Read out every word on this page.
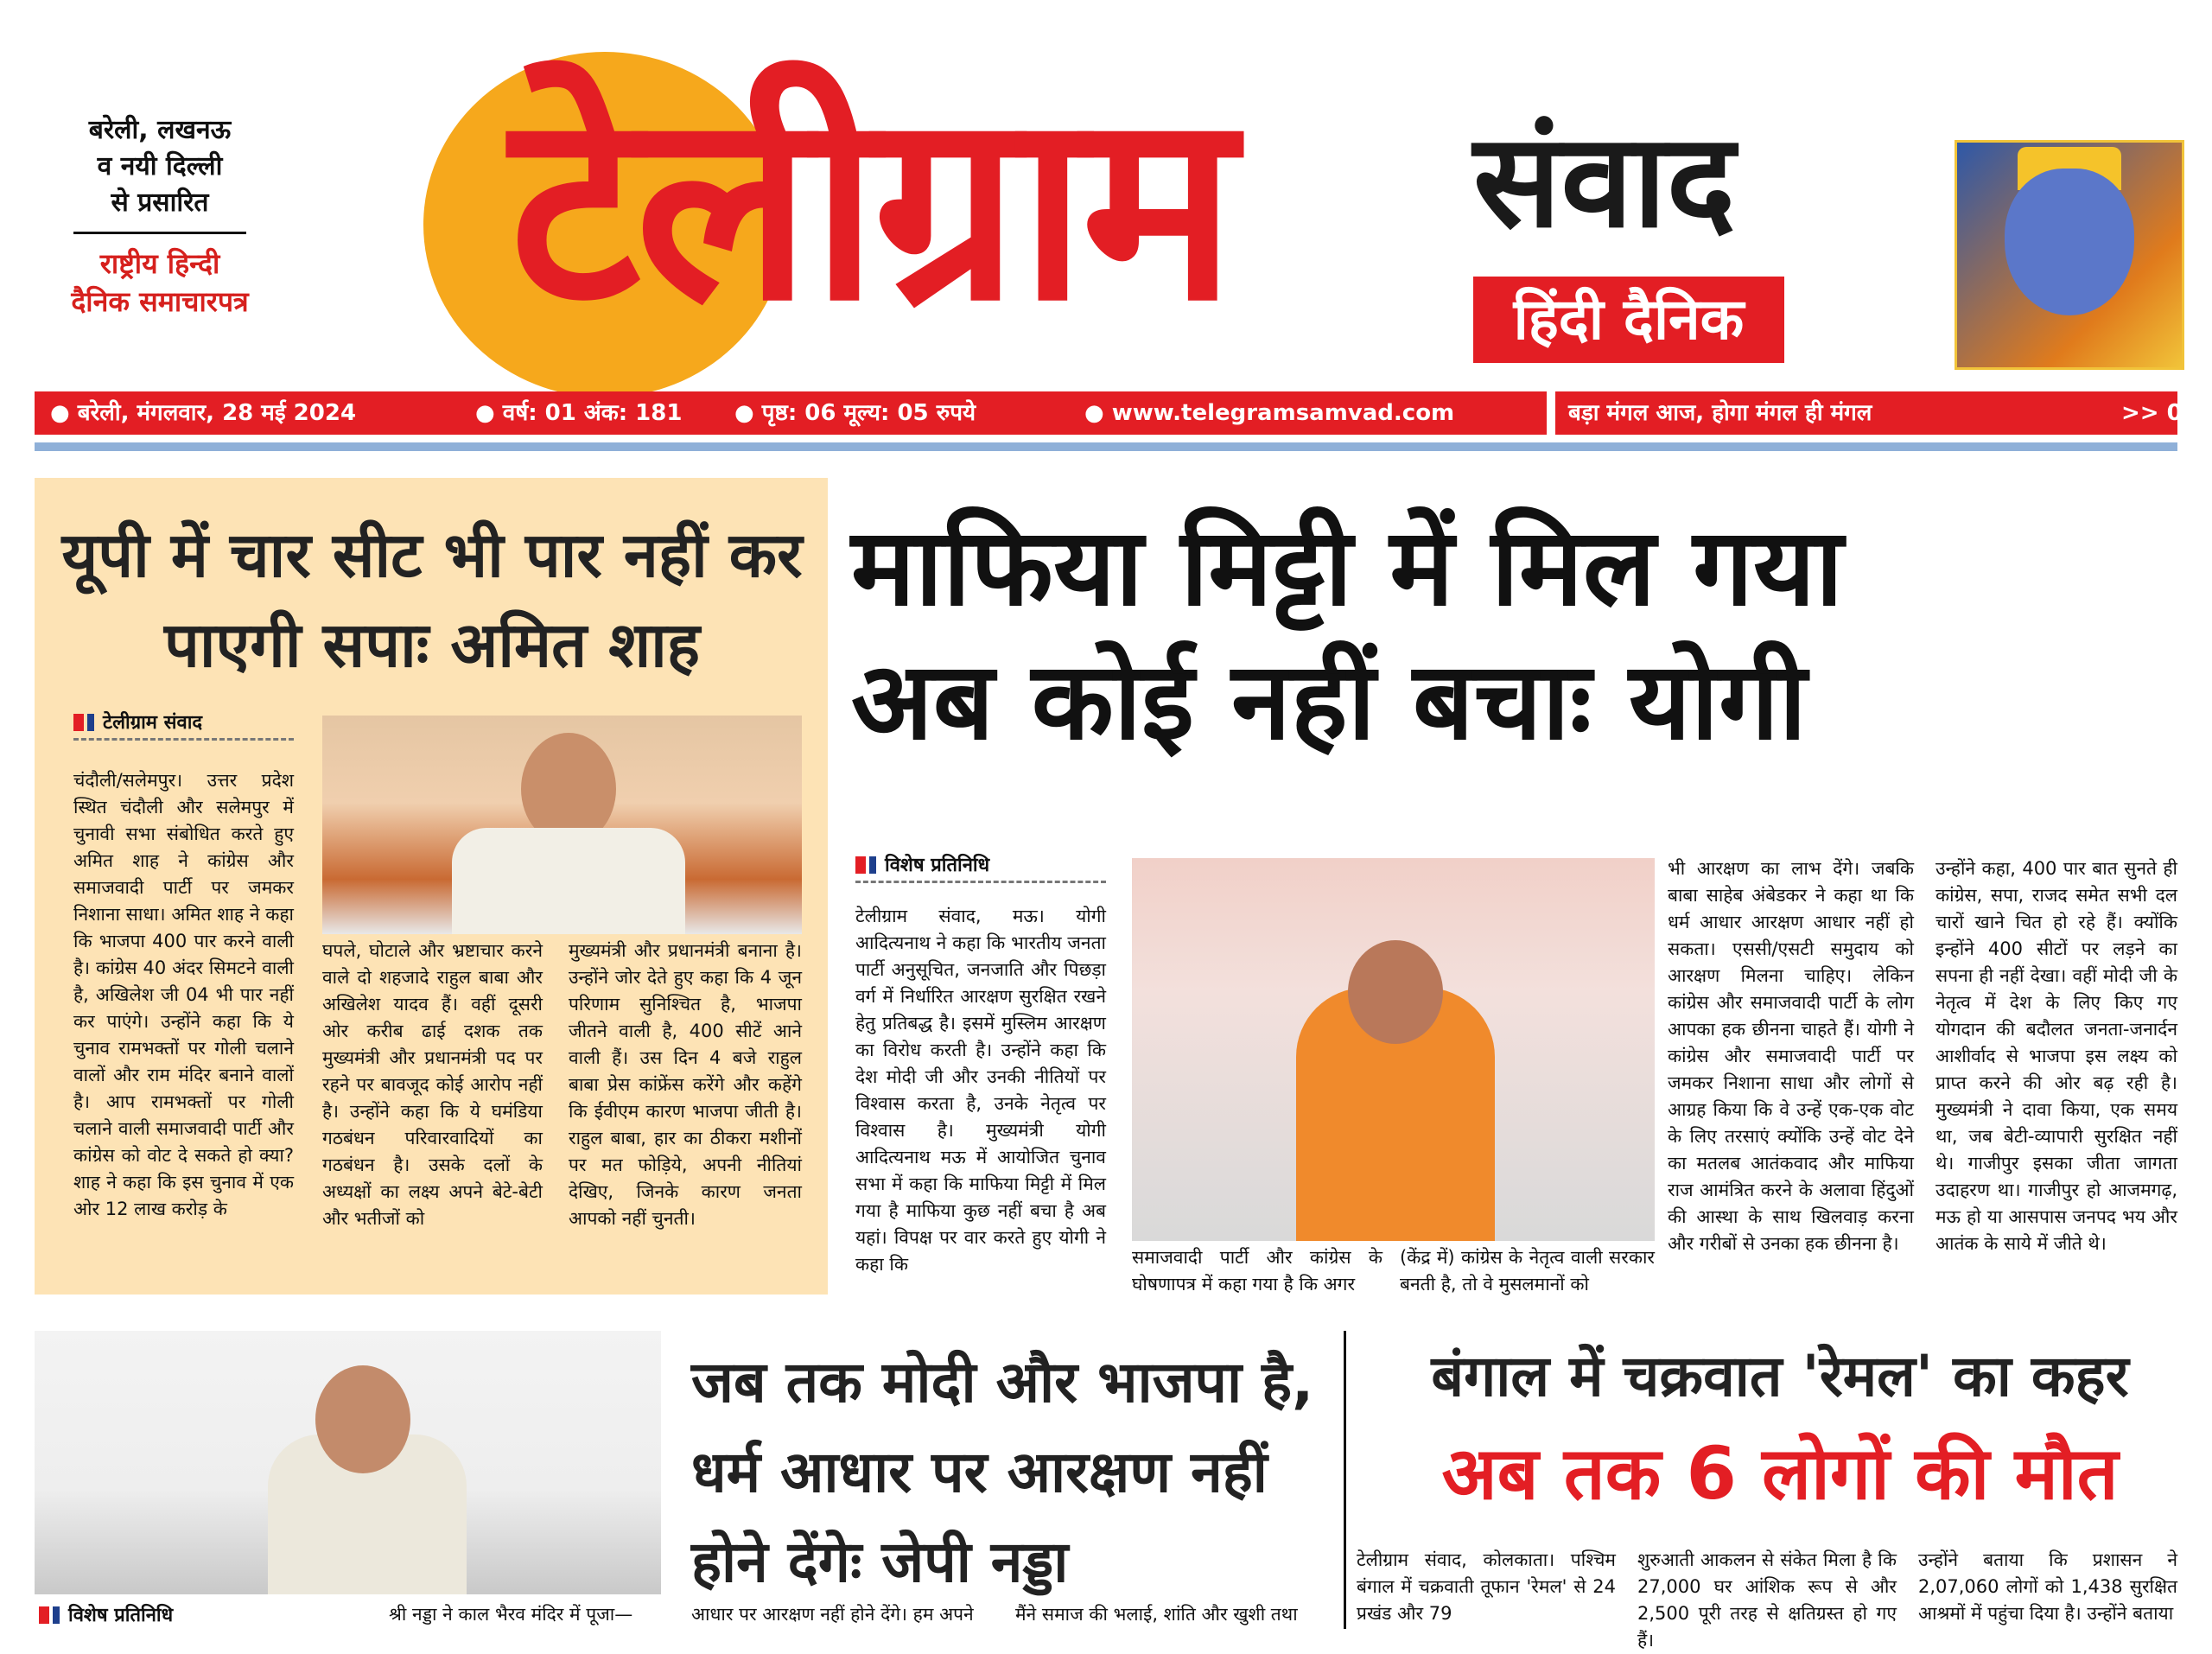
बरेली, लखनऊ
व नयी दिल्ली
से प्रसारित
राष्ट्रीय हिन्दी
दैनिक समाचारपत्र टेलीग्राम संवाद
हिंदी दैनिक
● बरेली, मंगलवार, 28 मई 2024	● वर्ष: 01 अंक: 181 ● पृष्ठ: 06 मूल्य: 05 रुपये	● www.telegramsamvad.com	बड़ा मंगल आज, होगा मंगल ही मंगल	>> 04
यूपी में चार सीट भी पार नहीं कर पाएगी सपाः अमित शाह
टेलीग्राम संवाद
चंदौली/सलेमपुर। उत्तर प्रदेश स्थित चंदौली और सलेमपुर में चुनावी सभा संबोधित करते हुए अमित शाह ने कांग्रेस और समाजवादी पार्टी पर जमकर निशाना साधा। अमित शाह ने कहा कि भाजपा 400 पार करने वाली है। कांग्रेस 40 अंदर सिमटने वाली है, अखिलेश जी 04 भी पार नहीं कर पाएंगे। उन्होंने कहा कि ये चुनाव रामभक्तों पर गोली चलाने वालों और राम मंदिर बनाने वालों है। आप रामभक्तों पर गोली चलाने वाली समाजवादी पार्टी और कांग्रेस को वोट दे सकते हो क्या? शाह ने कहा कि इस चुनाव में एक ओर 12 लाख करोड़ के
घपले, घोटाले और भ्रष्टाचार करने वाले दो शहजादे राहुल बाबा और अखिलेश यादव हैं। वहीं दूसरी ओर करीब ढाई दशक तक मुख्यमंत्री और प्रधानमंत्री पद पर रहने पर बावजूद कोई आरोप नहीं है। उन्होंने कहा कि ये घमंडिया गठबंधन परिवारवादियों का गठबंधन है। उसके दलों के अध्यक्षों का लक्ष्य अपने बेटे-बेटी और भतीजों को
मुख्यमंत्री और प्रधानमंत्री बनाना है। उन्होंने जोर देते हुए कहा कि 4 जून परिणाम सुनिश्चित है, भाजपा जीतने वाली है, 400 सीटें आने वाली हैं। उस दिन 4 बजे राहुल बाबा प्रेस कांफ्रेंस करेंगे और कहेंगे कि ईवीएम कारण भाजपा जीती है। राहुल बाबा, हार का ठीकरा मशीनों पर मत फोड़िये, अपनी नीतियां देखिए, जिनके कारण जनता आपको नहीं चुनती।
माफिया मिट्टी में मिल गया
अब कोई नहीं बचाः योगी
विशेष प्रतिनिधि
टेलीग्राम संवाद, मऊ। योगी आदित्यनाथ ने कहा कि भारतीय जनता पार्टी अनुसूचित, जनजाति और पिछड़ा वर्ग में निर्धारित आरक्षण सुरक्षित रखने हेतु प्रतिबद्ध है। इसमें मुस्लिम आरक्षण का विरोध करती है। उन्होंने कहा कि देश मोदी जी और उनकी नीतियों पर विश्वास करता है, उनके नेतृत्व पर विश्वास है। मुख्यमंत्री योगी आदित्यनाथ मऊ में आयोजित चुनाव सभा में कहा कि माफिया मिट्टी में मिल गया है माफिया कुछ नहीं बचा है अब यहां। विपक्ष पर वार करते हुए योगी ने कहा कि	समाजवादी पार्टी और कांग्रेस के घोषणापत्र में कहा गया है कि अगर
(केंद्र में) कांग्रेस के नेतृत्व वाली सरकार बनती है, तो वे मुसलमानों को
भी आरक्षण का लाभ देंगे। जबकि बाबा साहेब अंबेडकर ने कहा था कि धर्म आधार आरक्षण आधार नहीं हो सकता। एससी/एसटी समुदाय को आरक्षण मिलना चाहिए। लेकिन कांग्रेस और समाजवादी पार्टी के लोग आपका हक छीनना चाहते हैं। योगी ने कांग्रेस और समाजवादी पार्टी पर जमकर निशाना साधा और लोगों से आग्रह किया कि वे उन्हें एक-एक वोट के लिए तरसाएं क्योंकि उन्हें वोट देने का मतलब आतंकवाद और माफिया राज आमंत्रित करने के अलावा हिंदुओं की आस्था के साथ खिलवाड़ करना और गरीबों से उनका हक छीनना है।
उन्होंने कहा, 400 पार बात सुनते ही कांग्रेस, सपा, राजद समेत सभी दल चारों खाने चित हो रहे हैं। क्योंकि इन्होंने 400 सीटों पर लड़ने का सपना ही नहीं देखा। वहीं मोदी जी के नेतृत्व में देश के लिए किए गए योगदान की बदौलत जनता-जनार्दन आशीर्वाद से भाजपा इस लक्ष्य को प्राप्त करने की ओर बढ़ रही है। मुख्यमंत्री ने दावा किया, एक समय था, जब बेटी-व्यापारी सुरक्षित नहीं थे। गाजीपुर इसका जीता जागता उदाहरण था। गाजीपुर हो आजमगढ़, मऊ हो या आसपास जनपद भय और आतंक के साये में जीते थे।
जब तक मोदी और भाजपा है, धर्म आधार पर आरक्षण नहीं होने देंगेः जेपी नड्डा
विशेष प्रतिनिधि	श्री नड्डा ने काल भैरव मंदिर में पूजा—	आधार पर आरक्षण नहीं होने देंगे। हम अपने	मैंने समाज की भलाई, शांति और खुशी तथा
बंगाल में चक्रवात 'रेमल' का कहर
अब तक 6 लोगों की मौत
टेलीग्राम संवाद, कोलकाता। पश्चिम बंगाल में चक्रवाती तूफान 'रेमल' से 24 प्रखंड और 79
शुरुआती आकलन से संकेत मिला है कि 27,000 घर आंशिक रूप से और 2,500 पूरी तरह से क्षतिग्रस्त हो गए हैं।
उन्होंने बताया कि प्रशासन ने 2,07,060 लोगों को 1,438 सुरक्षित आश्रमों में पहुंचा दिया है। उन्होंने बताया
